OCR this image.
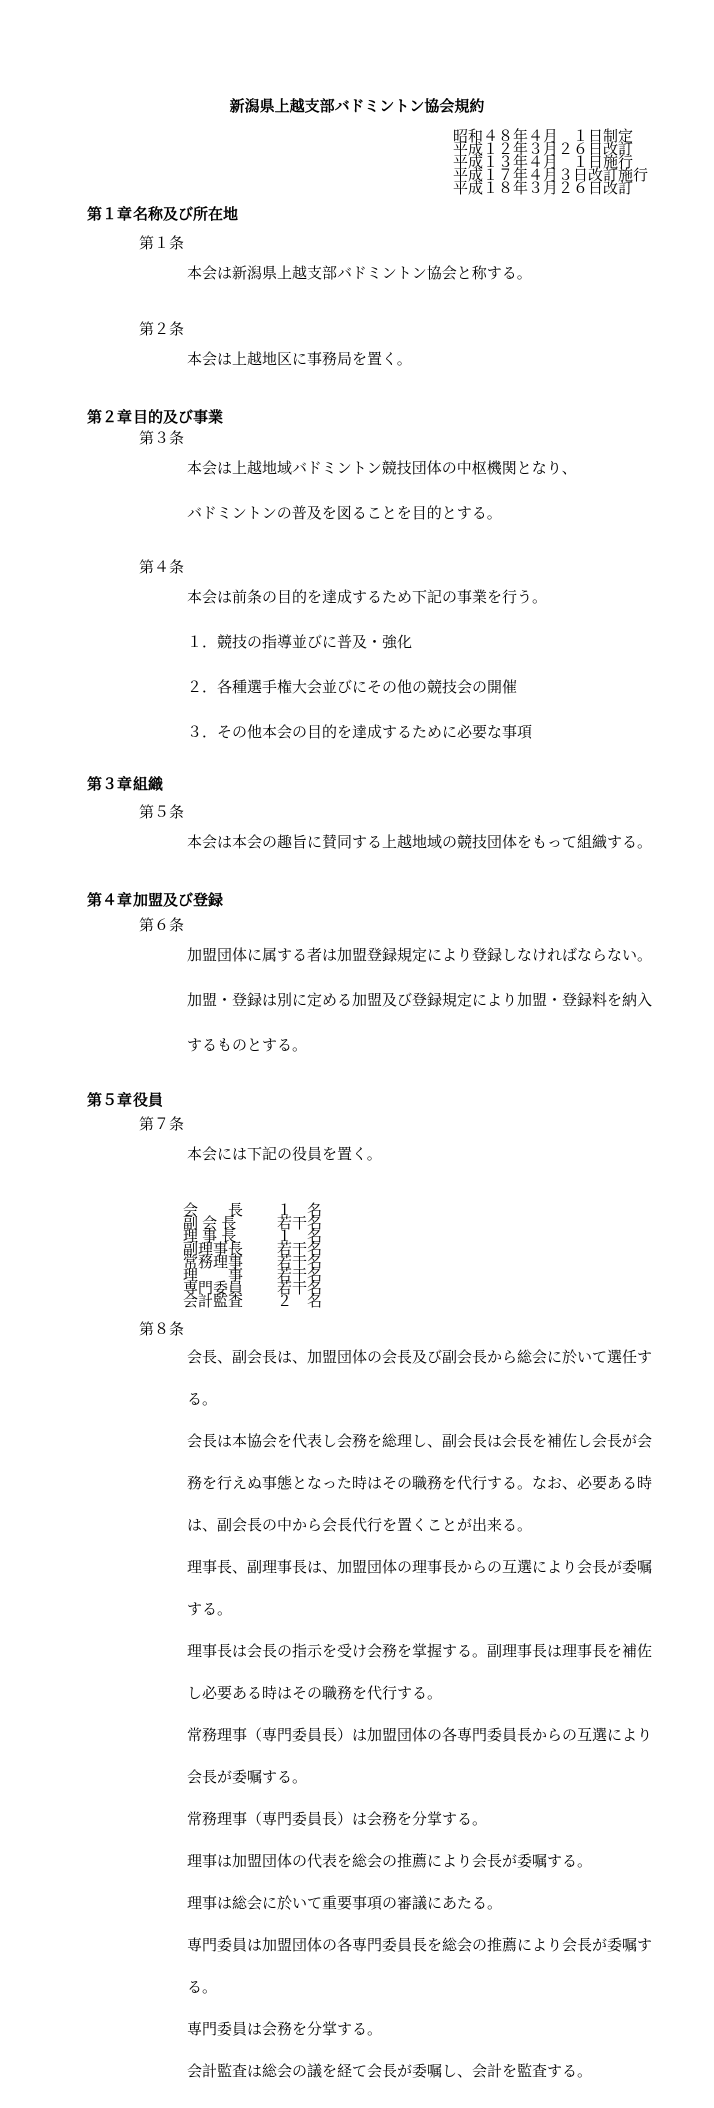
新潟県上越支部バドミントン協会規約
昭和４８年４月　１日制定
平成１２年３月２６日改訂
平成１３年４月　１日施行
平成１７年４月３日改訂施行
平成１８年３月２６日改訂
第１章 名称及び所在地
第１条

本会は新潟県上越支部バドミントン協会と称する。

第２条

本会は上越地区に事務局を置く。

第２章 目的及び事業
第３条

本会は上越地域バドミントン競技団体の中枢機関となり、

バドミントンの普及を図ることを目的とする。

第４条

本会は前条の目的を達成するため下記の事業を行う。

１．競技の指導並びに普及・強化

２．各種選手権大会並びにその他の競技会の開催

３．その他本会の目的を達成するために必要な事項

第３章 組織
第５条

本会は本会の趣旨に賛同する上越地域の競技団体をもって組織する。

第４章 加盟及び登録
第６条

加盟団体に属する者は加盟登録規定により登録しなければならない。

加盟・登録は別に定める加盟及び登録規定により加盟・登録料を納入

するものとする。

第５章 役員
第７条

本会には下記の役員を置く。

会　　長	１　名
副 会 長	若干名
理 事 長	１　名
副理事長	若干名
常務理事	若干名
理　　事	若干名
専門委員	若干名
会計監査	２　名
第８条

会長、副会長は、加盟団体の会長及び副会長から総会に於いて選任す

る。

会長は本協会を代表し会務を総理し、副会長は会長を補佐し会長が会

務を行えぬ事態となった時はその職務を代行する。なお、必要ある時

は、副会長の中から会長代行を置くことが出来る。

理事長、副理事長は、加盟団体の理事長からの互選により会長が委嘱

する。

理事長は会長の指示を受け会務を掌握する。副理事長は理事長を補佐

し必要ある時はその職務を代行する。

常務理事（専門委員長）は加盟団体の各専門委員長からの互選により

会長が委嘱する。

常務理事（専門委員長）は会務を分掌する。

理事は加盟団体の代表を総会の推薦により会長が委嘱する。

理事は総会に於いて重要事項の審議にあたる。

専門委員は加盟団体の各専門委員長を総会の推薦により会長が委嘱す

る。

専門委員は会務を分掌する。

会計監査は総会の議を経て会長が委嘱し、会計を監査する。
